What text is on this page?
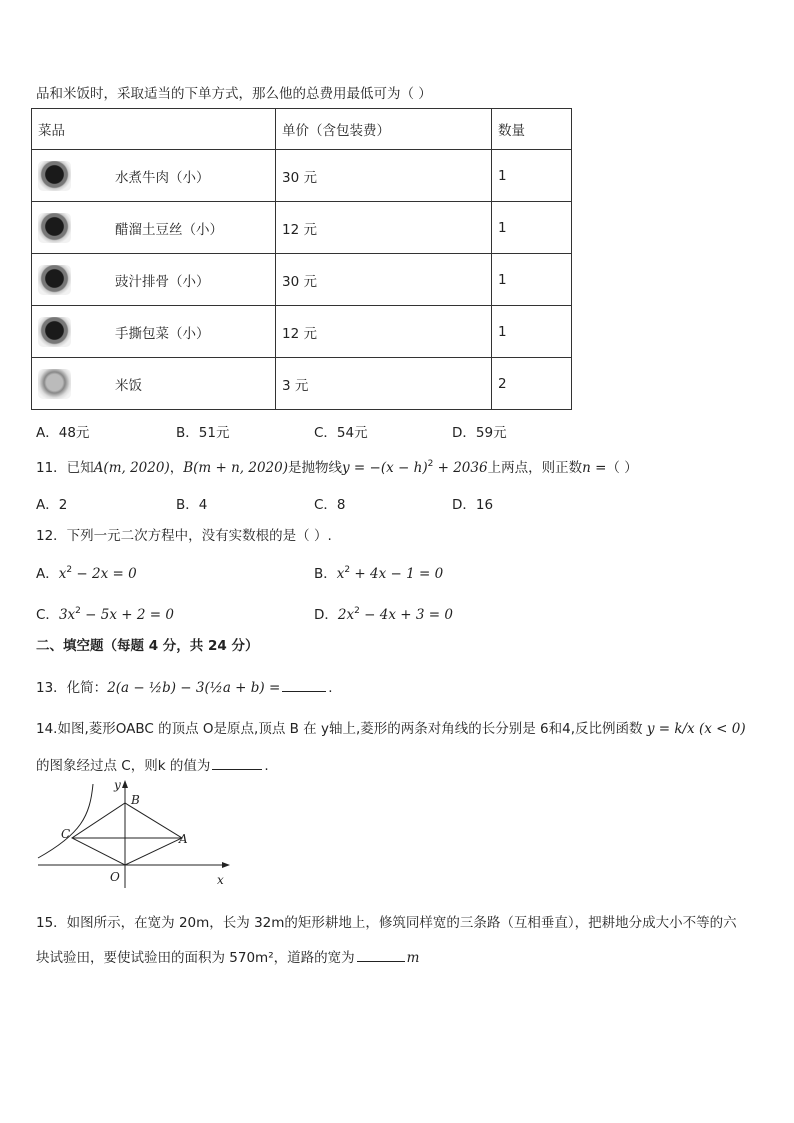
品和米饭时，采取适当的下单方式，那么他的总费用最低可为（ ）
菜品	单价（含包装费）	数量

水煮牛肉（小）	30 元	1

醋溜土豆丝（小）	12 元	1

豉汁排骨（小）	30 元	1

手撕包菜（小）	12 元	1

米饭	3 元	2
A．48元	B．51元	C．54元	D．59元
11．已知A(m, 2020)，B(m + n, 2020)是抛物线$y = -(x - h)^2 + 2036$上两点，则正数n =（ ）
A．2	B．4	C．8	D．16
12．下列一元二次方程中，没有实数根的是（ ）.
A．$x^2 - 2x = 0$	B．$x^2 + 4x - 1 = 0$
C．$3x^2 - 5x + 2 = 0$	D．$2x^2 - 4x + 3 = 0$
二、填空题（每题 4 分，共 24 分）
13．化简：2(a − ½b) − 3(½a + b) =	.
14.如图,菱形OABC 的顶点 O是原点,顶点 B 在 y轴上,菱形的两条对角线的长分别是 6和4,反比例函数 y = k/x (x < 0)
的图象经过点 C，则k 的值为	.
y
B
C	A
O	x
15．如图所示，在宽为 20m，长为 32m的矩形耕地上，修筑同样宽的三条路（互相垂直），把耕地分成大小不等的六
块试验田，要使试验田的面积为 570m²，道路的宽为	m
